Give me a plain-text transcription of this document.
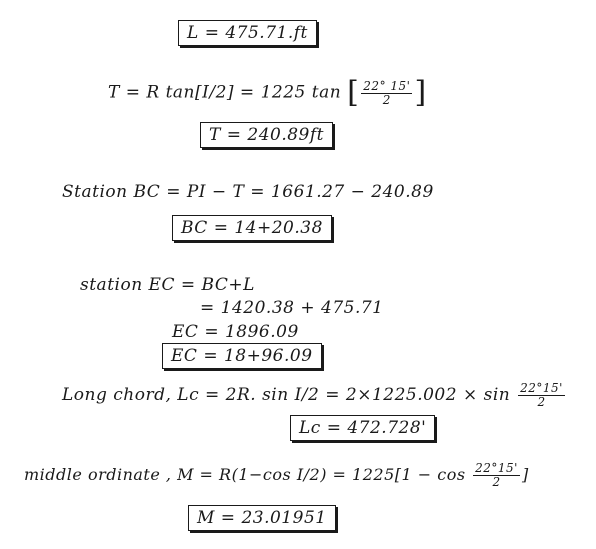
L = 475.71.ft
T = R tan[I/2] = 1225 tan [ $\frac{22^\circ 15'}{2}$ ]
T = 240.89ft
Station BC = PI − T = 1661.27 − 240.89
BC = 14+20.38
station EC = BC+L
= 1420.38 + 475.71
EC = 1896.09
EC = 18+96.09
Long chord, Lc = 2R. $\sin I/2 = 2\times 1225.002 \times \sin \frac{22^\circ 15'}{2}$
Lc = 472.728'
middle ordinate , M = R(1−cos $I/2) = 1225[1 - \cos \frac{22^\circ 15'}{2}$ ]
M = 23.01951
